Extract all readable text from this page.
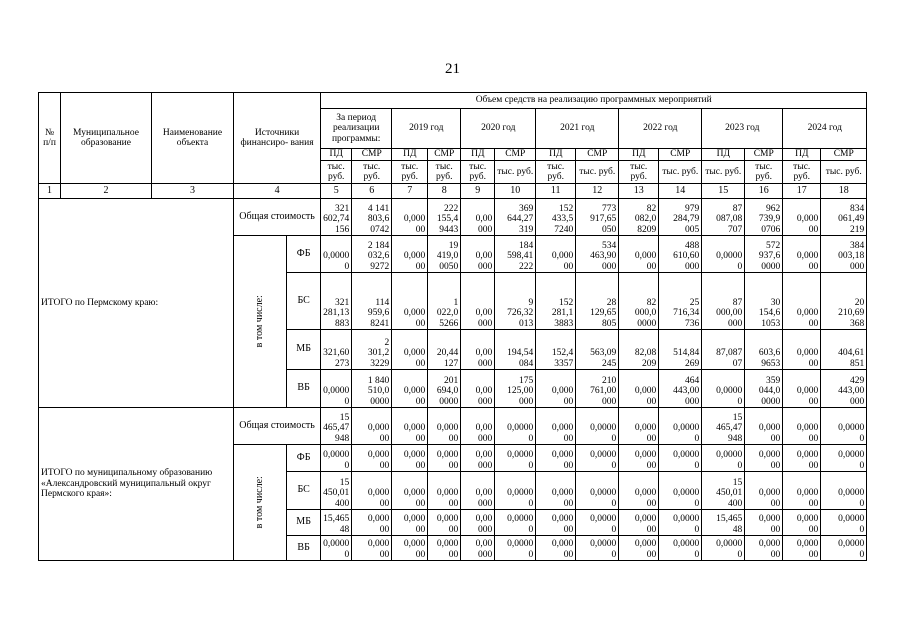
21
№ п/п	Муниципальное образование	Наименование объекта	Источники финансиро- вания		Объем средств на реализацию программных мероприятий													
					За период реализации программы:		2019 год		2020 год		2021 год		2022 год		2023 год		2024 год	
					ПД	СМР	ПД	СМР	ПД	СМР	ПД	СМР	ПД	СМР	ПД	СМР	ПД	СМР
					тыс. руб.	тыс. руб.	тыс. руб.	тыс. руб.	тыс. руб.	тыс. руб.	тыс. руб.	тыс. руб.	тыс. руб.	тыс. руб.	тыс. руб.	тыс. руб.	тыс. руб.	тыс. руб.
1	2	3	4		5	6	7	8	9	10	11	12	13	14	15	16	17	18
ИТОГО по Пермскому краю:			Общая стоимость		321
602,74
156	4 141
803,6
0742	0,000
00	222
155,4
9443	0,00
000	369
644,27
319	152
433,5
7240	773
917,65
050	82
082,0
8209	979
284,79
005	87
087,08
707	962
739,9
0706	0,000
00	834
061,49
219
			в том числе:	ФБ	0,0000
0	2 184
032,6
9272	0,000
00	19
419,0
0050	0,00
000	184
598,41
222	0,000
00	534
463,90
000	0,000
00	488
610,60
000	0,0000
0	572
937,6
0000	0,000
00	384
003,18
000
				БС	321
281,13
883	114
959,6
8241	0,000
00	1
022,0
5266	0,00
000	9
726,32
013	152
281,1
3883	28
129,65
805	82
000,0
0000	25
716,34
736	87
000,00
000	30
154,6
1053	0,000
00	20
210,69
368
				МБ	321,60
273	2
301,2
3229	0,000
00	20,44
127	0,00
000	194,54
084	152,4
3357	563,09
245	82,08
209	514,84
269	87,087
07	603,6
9653	0,000
00	404,61
851
				ВБ	0,0000
0	1 840
510,0
0000	0,000
00	201
694,0
0000	0,00
000	175
125,00
000	0,000
00	210
761,00
000	0,000
00	464
443,00
000	0,0000
0	359
044,0
0000	0,000
00	429
443,00
000
ИТОГО по муниципальному образованию «Александровский муниципальный округ Пермского края»:			Общая стоимость		15
465,47
948	0,000
00	0,000
00	0,000
00	0,00
000	0,0000
0	0,000
00	0,0000
0	0,000
00	0,0000
0	15
465,47
948	0,000
00	0,000
00	0,0000
0
			в том числе:	ФБ	0,0000
0	0,000
00	0,000
00	0,000
00	0,00
000	0,0000
0	0,000
00	0,0000
0	0,000
00	0,0000
0	0,0000
0	0,000
00	0,000
00	0,0000
0
				БС	15
450,01
400	0,000
00	0,000
00	0,000
00	0,00
000	0,0000
0	0,000
00	0,0000
0	0,000
00	0,0000
0	15
450,01
400	0,000
00	0,000
00	0,0000
0
				МБ	15,465
48	0,000
00	0,000
00	0,000
00	0,00
000	0,0000
0	0,000
00	0,0000
0	0,000
00	0,0000
0	15,465
48	0,000
00	0,000
00	0,0000
0
				ВБ	0,0000
0	0,000
00	0,000
00	0,000
00	0,00
000	0,0000
0	0,000
00	0,0000
0	0,000
00	0,0000
0	0,0000
0	0,000
00	0,000
00	0,0000
0
